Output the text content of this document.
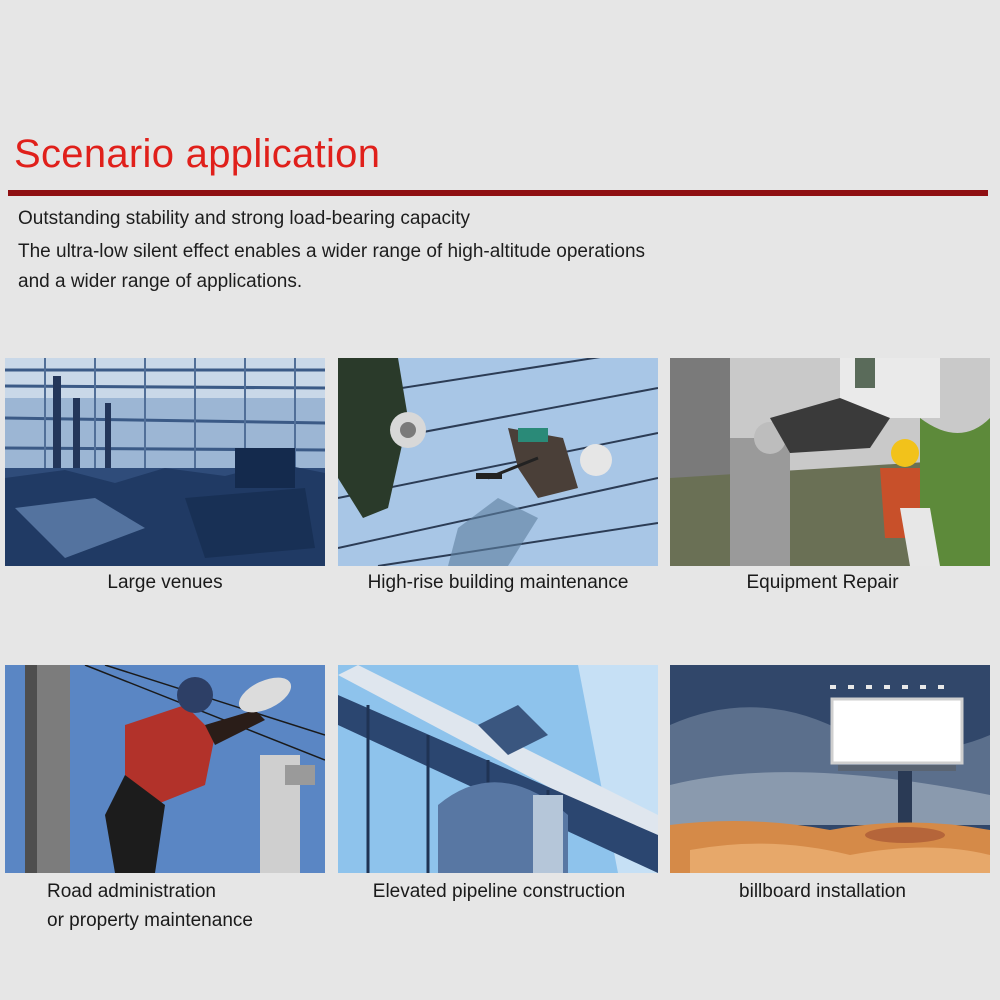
Scenario application
Outstanding stability and strong load-bearing capacity
The ultra-low silent effect enables a wider range of high-altitude operations
and a wider range of applications.
Large venues	High-rise building maintenance	Equipment Repair
Road administration
or property maintenance
Elevated pipeline construction	billboard installation
